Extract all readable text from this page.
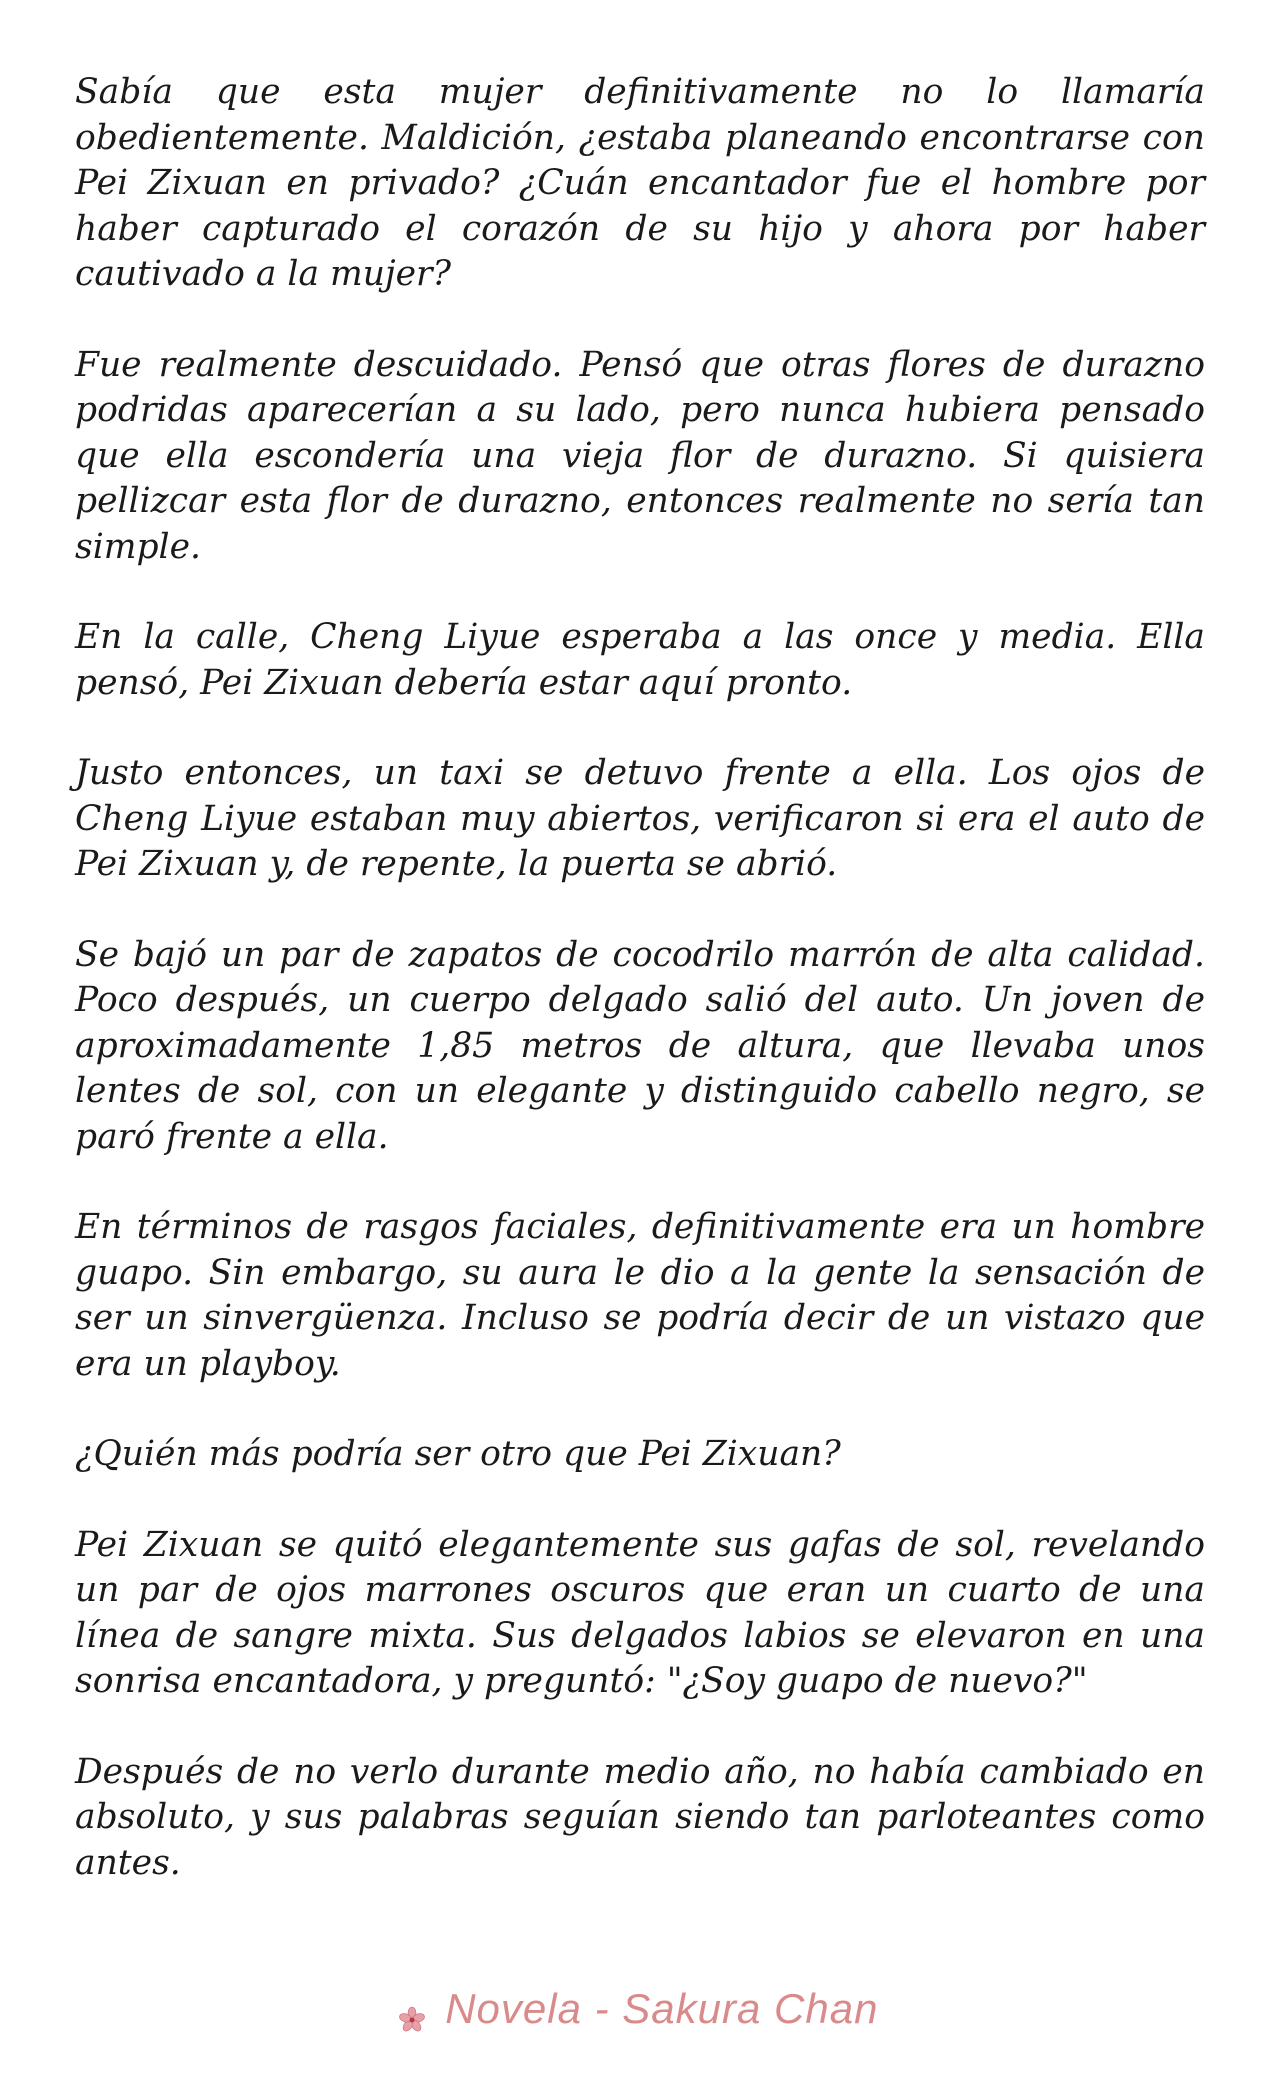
Sabía que esta mujer definitivamente no lo llamaría obedientemente. Maldición, ¿estaba planeando encontrarse con Pei Zixuan en privado? ¿Cuán encantador fue el hombre por haber capturado el corazón de su hijo y ahora por haber cautivado a la mujer?

Fue realmente descuidado. Pensó que otras flores de durazno podridas aparecerían a su lado, pero nunca hubiera pensado que ella escondería una vieja flor de durazno. Si quisiera pellizcar esta flor de durazno, entonces realmente no sería tan simple.

En la calle, Cheng Liyue esperaba a las once y media. Ella pensó, Pei Zixuan debería estar aquí pronto.

Justo entonces, un taxi se detuvo frente a ella. Los ojos de Cheng Liyue estaban muy abiertos, verificaron si era el auto de Pei Zixuan y, de repente, la puerta se abrió.

Se bajó un par de zapatos de cocodrilo marrón de alta calidad. Poco después, un cuerpo delgado salió del auto. Un joven de aproximadamente 1,85 metros de altura, que llevaba unos lentes de sol, con un elegante y distinguido cabello negro, se paró frente a ella.

En términos de rasgos faciales, definitivamente era un hombre guapo. Sin embargo, su aura le dio a la gente la sensación de ser un sinvergüenza. Incluso se podría decir de un vistazo que era un playboy.

¿Quién más podría ser otro que Pei Zixuan?

Pei Zixuan se quitó elegantemente sus gafas de sol, revelando un par de ojos marrones oscuros que eran un cuarto de una línea de sangre mixta. Sus delgados labios se elevaron en una sonrisa encantadora, y preguntó: "¿Soy guapo de nuevo?"

Después de no verlo durante medio año, no había cambiado en absoluto, y sus palabras seguían siendo tan parloteantes como antes.

Novela - Sakura Chan
